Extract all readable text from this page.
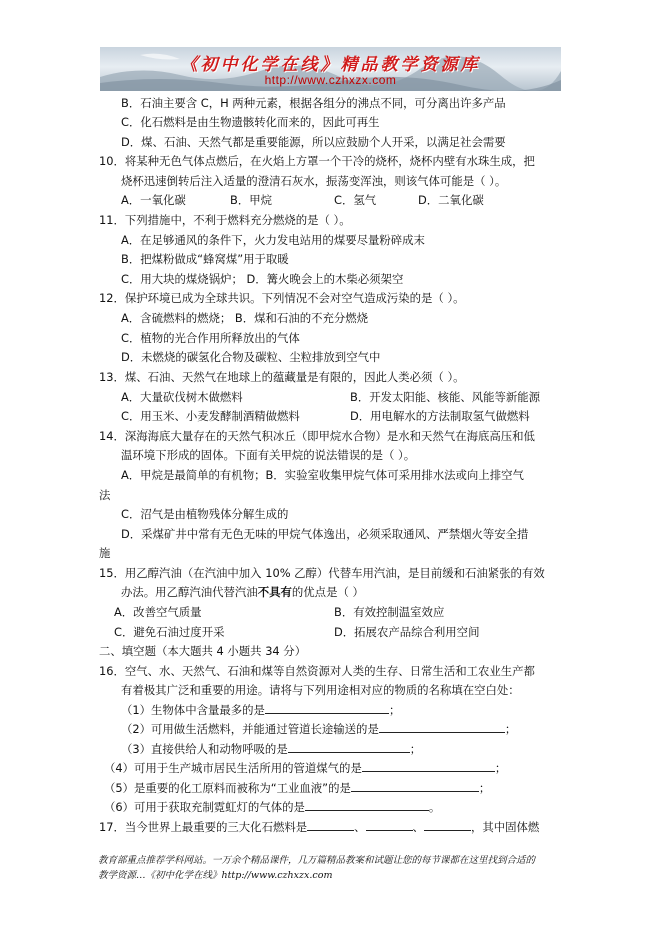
《初中化学在线》精品教学资源库
http://www.czhxzx.com
B．石油主要含 C，H 两种元素，根据各组分的沸点不同，可分离出许多产品
C．化石燃料是由生物遗骸转化而来的，因此可再生
D．煤、石油、天然气都是重要能源，所以应鼓励个人开采，以满足社会需要
10．将某种无色气体点燃后，在火焰上方罩一个干冷的烧杯，烧杯内壁有水珠生成，把
烧杯迅速倒转后注入适量的澄清石灰水，振荡变浑浊，则该气体可能是（ ）。
A．一氧化碳	B．甲烷	C．氢气	D．二氧化碳
11．下列措施中，不利于燃料充分燃烧的是（ ）。
A．在足够通风的条件下，火力发电站用的煤要尽量粉碎成末
B．把煤粉做成“蜂窝煤”用于取暖
C．用大块的煤烧锅炉； D．篝火晚会上的木柴必须架空
12．保护环境已成为全球共识。下列情况不会对空气造成污染的是（ ）。
A．含硫燃料的燃烧； B．煤和石油的不充分燃烧
C．植物的光合作用所释放出的气体
D．未燃烧的碳氢化合物及碳粒、尘粒排放到空气中
13．煤、石油、天然气在地球上的蕴藏量是有限的，因此人类必须（ ）。
A．大量砍伐树木做燃料	B．开发太阳能、核能、风能等新能源
C．用玉米、小麦发酵制酒精做燃料	D．用电解水的方法制取氢气做燃料
14．深海海底大量存在的天然气积冰丘（即甲烷水合物）是水和天然气在海底高压和低
温环境下形成的固体。下面有关甲烷的说法错误的是（ ）。
A．甲烷是最简单的有机物；B．实验室收集甲烷气体可采用排水法或向上排空气
法
C．沼气是由植物残体分解生成的
D．采煤矿井中常有无色无味的甲烷气体逸出，必须采取通风、严禁烟火等安全措
施
15．用乙醇汽油（在汽油中加入 10% 乙醇）代替车用汽油，是目前缓和石油紧张的有效
办法。用乙醇汽油代替汽油不具有的优点是（ ）
A．改善空气质量	B．有效控制温室效应
C．避免石油过度开采	D．拓展农产品综合利用空间
二、填空题（本大题共 4 小题共 34 分）
16．空气、水、天然气、石油和煤等自然资源对人类的生存、日常生活和工农业生产都
有着极其广泛和重要的用途。请将与下列用途相对应的物质的名称填在空白处：
（1）生物体中含量最多的是	；
（2）可用做生活燃料，并能通过管道长途输送的是	；
（3）直接供给人和动物呼吸的是	；
（4）可用于生产城市居民生活所用的管道煤气的是	；
（5）是重要的化工原料而被称为“工业血液”的是	；
（6）可用于获取充制霓虹灯的气体的是	。
17．当今世界上最重要的三大化石燃料是	、	、	，其中固体燃
教育部重点推荐学科网站。一万余个精品课件，几万篇精品教案和试题让您的每节课都在这里找到合适的
教学资源…《初中化学在线》http://www.czhxzx.com
